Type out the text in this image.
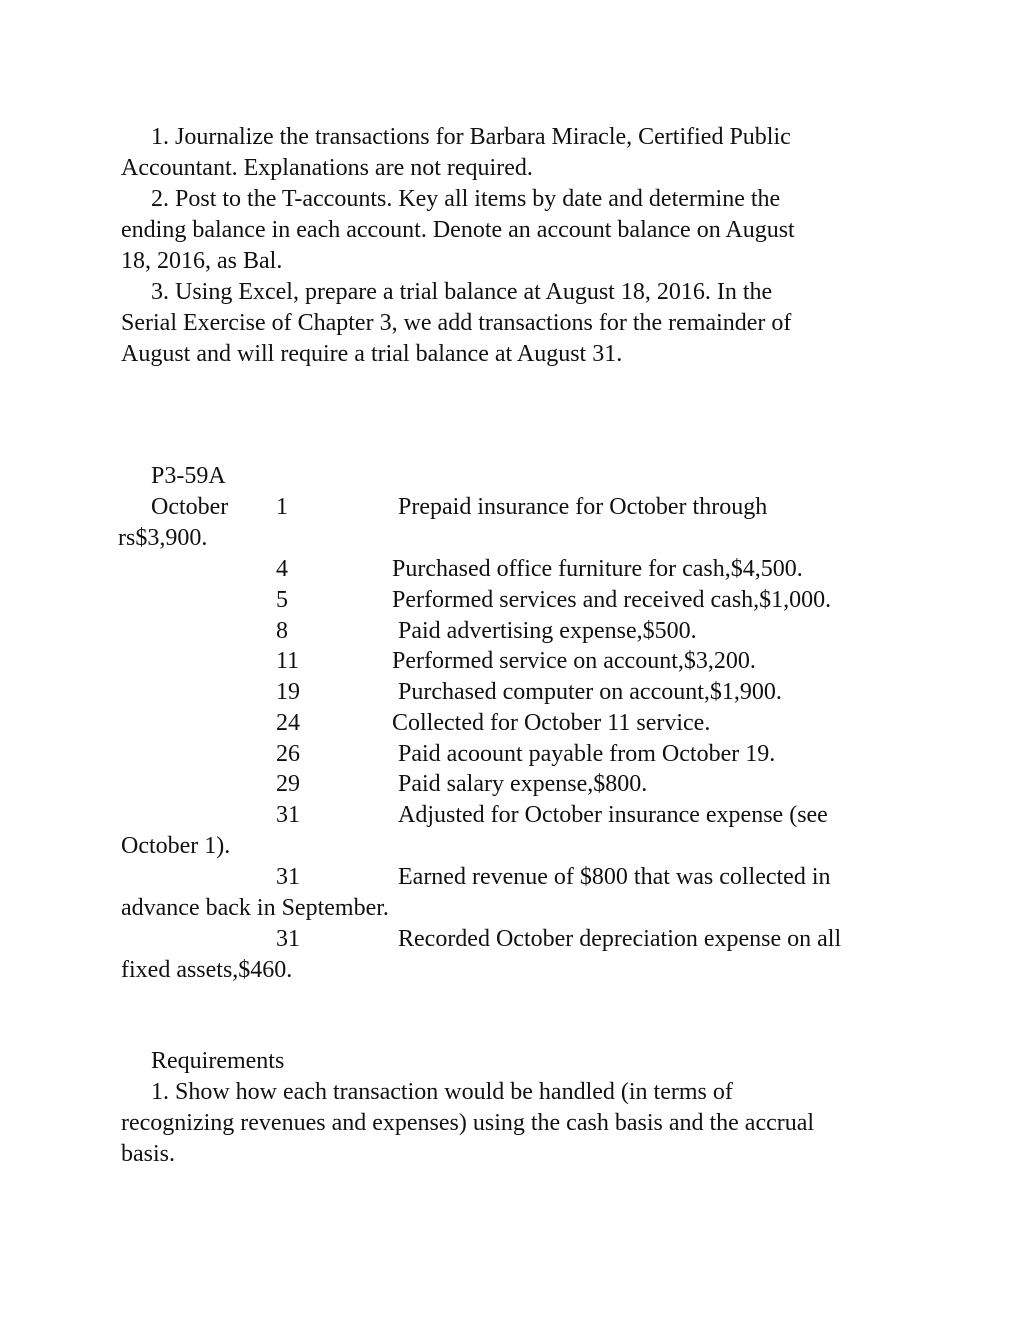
1. Journalize the transactions for Barbara Miracle, Certified Public
Accountant. Explanations are not required.
2. Post to the T-accounts. Key all items by date and determine the
ending balance in each account. Denote an account balance on August
18, 2016, as Bal.
3. Using Excel, prepare a trial balance at August 18, 2016. In the
Serial Exercise of Chapter 3, we add transactions for the remainder of
August and will require a trial balance at August 31.
P3-59A
October 1	Prepaid insurance for October through
rs$3,900.
4	Purchased office furniture for cash,$4,500.
5	Performed services and received cash,$1,000.
8	Paid advertising expense,$500.
11	Performed service on account,$3,200.
19	Purchased computer on account,$1,900.
24	Collected for October 11 service.
26	Paid acoount payable from October 19.
29	Paid salary expense,$800.
31	Adjusted for October insurance expense (see
October 1).
31	Earned revenue of $800 that was collected in
advance back in September.
31	Recorded October depreciation expense on all
fixed assets,$460.
Requirements
1. Show how each transaction would be handled (in terms of
recognizing revenues and expenses) using the cash basis and the accrual
basis.
